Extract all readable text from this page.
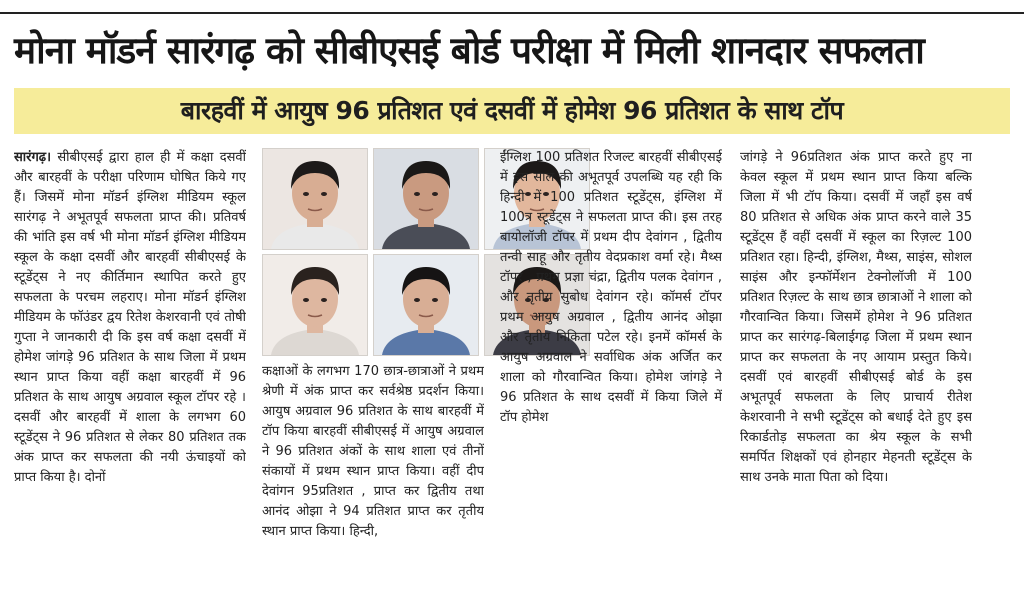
मोना मॉडर्न सारंगढ़ को सीबीएसई बोर्ड परीक्षा में मिली शानदार सफलता
बारहवीं में आयुष 96 प्रतिशत एवं दसवीं में होमेश 96 प्रतिशत के साथ टॉप

सारंगढ़। सीबीएसई द्वारा हाल ही में कक्षा दसवीं और बारहवीं के परीक्षा परिणाम घोषित किये गए हैं। जिसमें मोना मॉडर्न इंग्लिश मीडियम स्कूल सारंगढ़ ने अभूतपूर्व सफलता प्राप्त की। प्रतिवर्ष की भांति इस वर्ष भी मोना मॉडर्न इंग्लिश मीडियम स्कूल के कक्षा दसवीं और बारहवीं सीबीएसई के स्टूडेंट्स ने नए कीर्तिमान स्थापित करते हुए सफलता के परचम लहराए। मोना मॉडर्न इंग्लिश मीडियम के फॉउंडर द्वय रितेश केशरवानी एवं तोषी गुप्ता ने जानकारी दी कि इस वर्ष कक्षा दसवीं में होमेश जांगड़े 96 प्रतिशत के साथ जिला में प्रथम स्थान प्राप्त किया वहीं कक्षा बारहवीं में 96 प्रतिशत के साथ आयुष अग्रवाल स्कूल टॉपर रहे । दसवीं और बारहवीं में शाला के लगभग 60 स्टूडेंट्स ने 96 प्रतिशत से लेकर 80 प्रतिशत तक अंक प्राप्त कर सफलता की नयी ऊंचाइयों को प्राप्त किया है। दोनों

कक्षाओं के लगभग 170 छात्र-छात्राओं ने प्रथम श्रेणी में अंक प्राप्त कर सर्वश्रेष्ठ प्रदर्शन किया। आयुष अग्रवाल 96 प्रतिशत के साथ बारहवीं में टॉप किया बारहवीं सीबीएसई में आयुष अग्रवाल ने 96 प्रतिशत अंकों के साथ शाला एवं तीनों संकायों में प्रथम स्थान प्राप्त किया। वहीं दीप देवांगन 95प्रतिशत , प्राप्त कर द्वितीय तथा आनंद ओझा ने 94 प्रतिशत प्राप्त कर तृतीय स्थान प्राप्त किया। हिन्दी,

ईंग्लिश 100 प्रतिशत रिजल्ट बारहवीं सीबीएसई में इस साल की अभूतपूर्व उपलब्धि यह रही कि हिन्दी में 100 प्रतिशत स्टूडेंट्स, इंग्लिश में 100त्र स्टूडेंट्स ने सफलता प्राप्त की। इस तरह बायोलॉजी टॉपर में प्रथम दीप देवांगन , द्वितीय तन्वी साहू और तृतीय वेदप्रकाश वर्मा रहे। मैथ्स टॉपर , प्रथम प्रज्ञा चंद्रा, द्वितीय पलक देवांगन , और तृतीय सुबोध देवांगन रहे। कॉमर्स टॉपर प्रथम आयुष अग्रवाल , द्वितीय आनंद ओझा और तृतीय निकिता पटेल रहे। इनमें कॉमर्स के आयुष अग्रवाल ने सर्वाधिक अंक अर्जित कर शाला को गौरवान्वित किया। होमेश जांगड़े ने 96 प्रतिशत के साथ दसवीं में किया जिले में टॉप होमेश

जांगड़े ने 96प्रतिशत अंक प्राप्त करते हुए ना केवल स्कूल में प्रथम स्थान प्राप्त किया बल्कि जिला में भी टॉप किया। दसवीं में जहाँ इस वर्ष 80 प्रतिशत से अधिक अंक प्राप्त करने वाले 35 स्टूडेंट्स हैं वहीं दसवीं में स्कूल का रिज़ल्ट 100 प्रतिशत रहा। हिन्दी, इंग्लिश, मैथ्स, साइंस, सोशल साइंस और इन्फॉर्मेशन टेक्नोलॉजी में 100 प्रतिशत रिज़ल्ट के साथ छात्र छात्राओं ने शाला को गौरवान्वित किया। जिसमें होमेश ने 96 प्रतिशत प्राप्त कर सारंगढ़-बिलाईगढ़ जिला में प्रथम स्थान प्राप्त कर सफलता के नए आयाम प्रस्तुत किये। दसवीं एवं बारहवीं सीबीएसई बोर्ड के इस अभूतपूर्व सफलता के लिए प्राचार्य रीतेश केशरवानी ने सभी स्टूडेंट्स को बधाई देते हुए इस रिकार्डतोड़ सफलता का श्रेय स्कूल के सभी समर्पित शिक्षकों एवं होनहार मेहनती स्टूडेंट्स के साथ उनके माता पिता को दिया।
